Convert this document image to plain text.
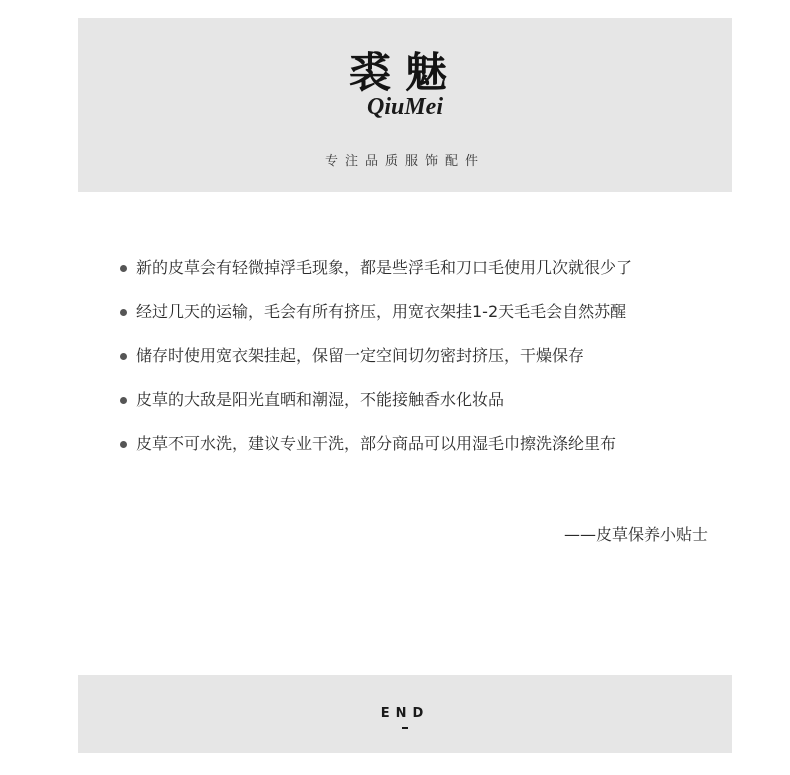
裘魅
QiuMei
专注品质服饰配件
新的皮草会有轻微掉浮毛现象，都是些浮毛和刀口毛使用几次就很少了
经过几天的运输，毛会有所有挤压，用宽衣架挂1-2天毛毛会自然苏醒
储存时使用宽衣架挂起，保留一定空间切勿密封挤压，干燥保存
皮草的大敌是阳光直晒和潮湿，不能接触香水化妆品
皮草不可水洗，建议专业干洗，部分商品可以用湿毛巾擦洗涤纶里布
——皮草保养小贴士
END
